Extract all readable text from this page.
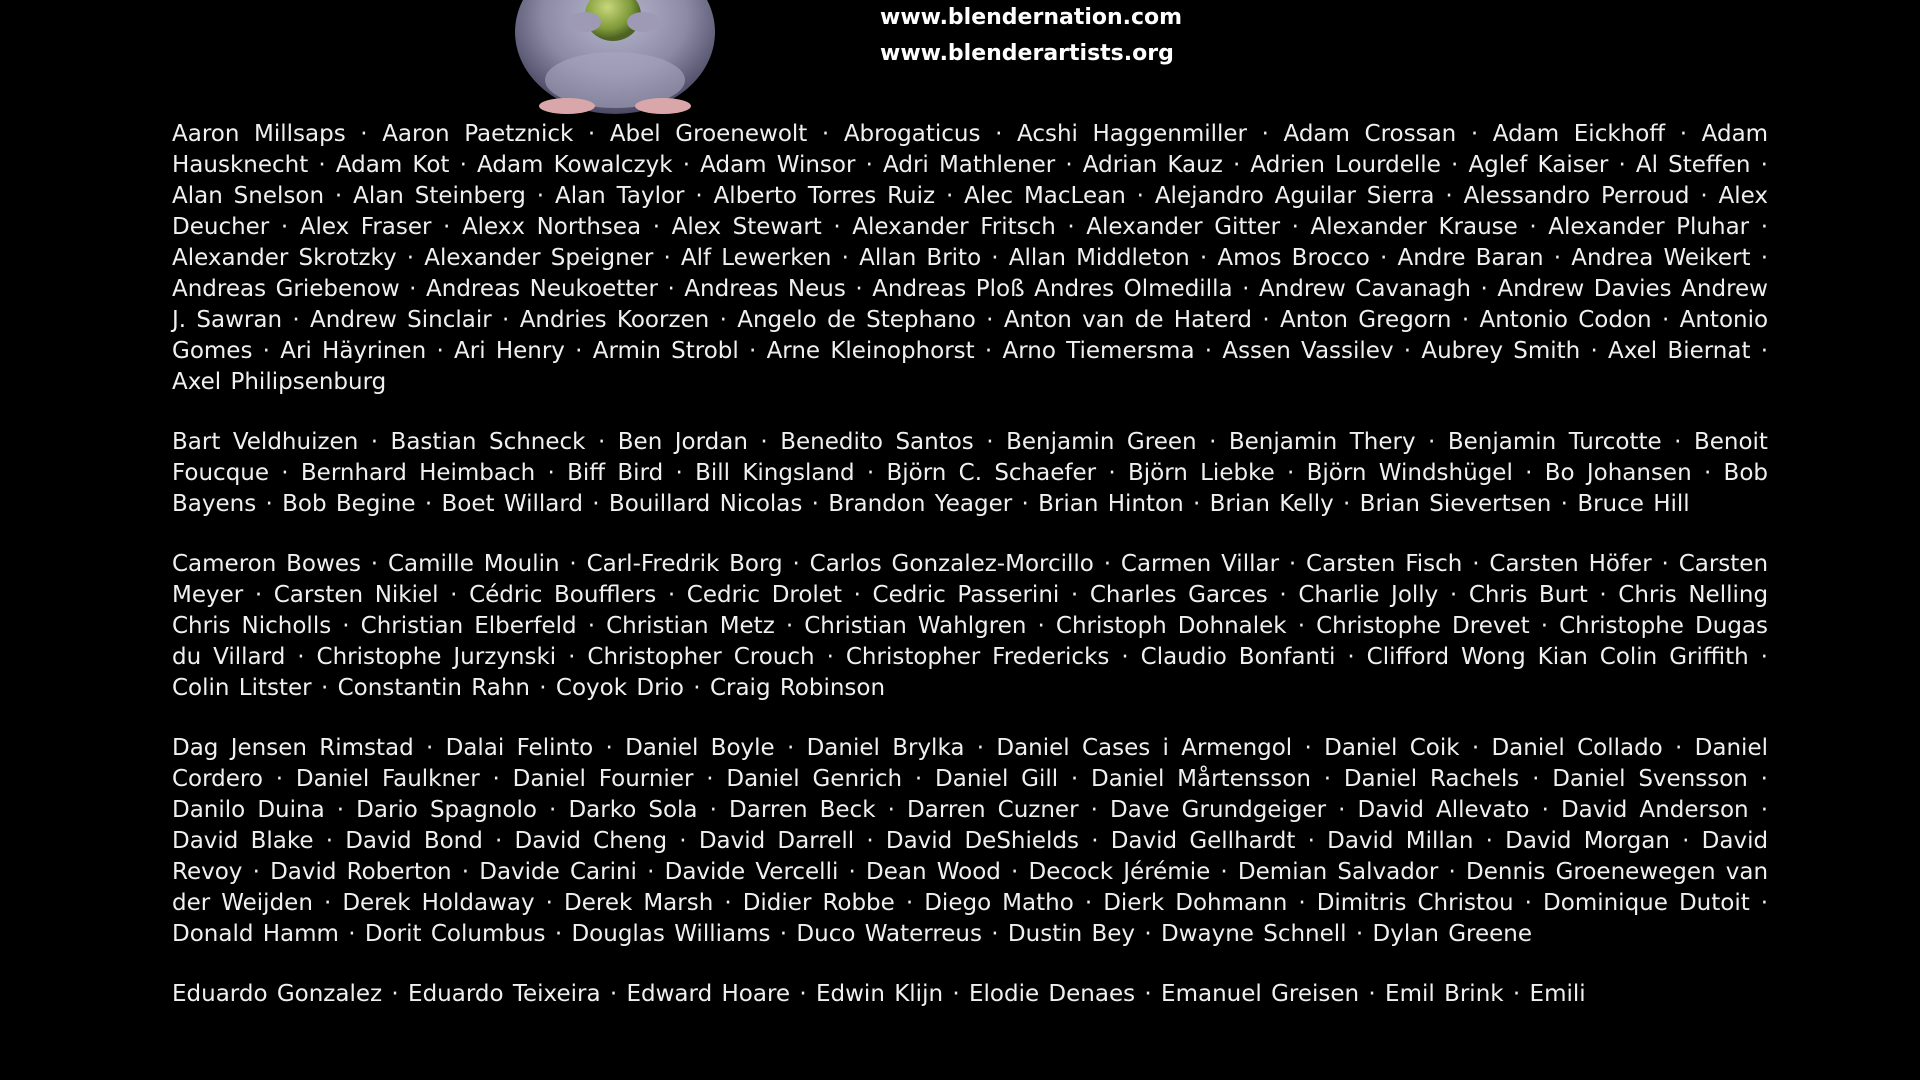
www.blendernation.com
www.blenderartists.org
Aaron Millsaps · Aaron Paetznick · Abel Groenewolt · Abrogaticus · Acshi Haggenmiller · Adam Crossan · Adam Eickhoff · Adam Hausknecht · Adam Kot · Adam Kowalczyk · Adam Winsor · Adri Mathlener · Adrian Kauz · Adrien Lourdelle · Aglef Kaiser · Al Steffen · Alan Snelson · Alan Steinberg · Alan Taylor · Alberto Torres Ruiz · Alec MacLean · Alejandro Aguilar Sierra · Alessandro Perroud · Alex Deucher · Alex Fraser · Alexx Northsea · Alex Stewart · Alexander Fritsch · Alexander Gitter · Alexander Krause · Alexander Pluhar · Alexander Skrotzky · Alexander Speigner · Alf Lewerken · Allan Brito · Allan Middleton · Amos Brocco · Andre Baran · Andrea Weikert · Andreas Griebenow · Andreas Neukoetter · Andreas Neus · Andreas Ploß Andres Olmedilla · Andrew Cavanagh · Andrew Davies Andrew J. Sawran · Andrew Sinclair · Andries Koorzen · Angelo de Stephano · Anton van de Haterd · Anton Gregorn · Antonio Codon · Antonio Gomes · Ari Häyrinen · Ari Henry · Armin Strobl · Arne Kleinophorst · Arno Tiemersma · Assen Vassilev · Aubrey Smith · Axel Biernat · Axel Philipsenburg
Bart Veldhuizen · Bastian Schneck · Ben Jordan · Benedito Santos · Benjamin Green · Benjamin Thery · Benjamin Turcotte · Benoit Foucque · Bernhard Heimbach · Biff Bird · Bill Kingsland · Björn C. Schaefer · Björn Liebke · Björn Windshügel · Bo Johansen · Bob Bayens · Bob Begine · Boet Willard · Bouillard Nicolas · Brandon Yeager · Brian Hinton · Brian Kelly · Brian Sievertsen · Bruce Hill
Cameron Bowes · Camille Moulin · Carl-Fredrik Borg · Carlos Gonzalez-Morcillo · Carmen Villar · Carsten Fisch · Carsten Höfer · Carsten Meyer · Carsten Nikiel · Cédric Boufflers · Cedric Drolet · Cedric Passerini · Charles Garces · Charlie Jolly · Chris Burt · Chris Nelling Chris Nicholls · Christian Elberfeld · Christian Metz · Christian Wahlgren · Christoph Dohnalek · Christophe Drevet · Christophe Dugas du Villard · Christophe Jurzynski · Christopher Crouch · Christopher Fredericks · Claudio Bonfanti · Clifford Wong Kian Colin Griffith · Colin Litster · Constantin Rahn · Coyok Drio · Craig Robinson
Dag Jensen Rimstad · Dalai Felinto · Daniel Boyle · Daniel Brylka · Daniel Cases i Armengol · Daniel Coik · Daniel Collado · Daniel Cordero · Daniel Faulkner · Daniel Fournier · Daniel Genrich · Daniel Gill · Daniel Mårtensson · Daniel Rachels · Daniel Svensson · Danilo Duina · Dario Spagnolo · Darko Sola · Darren Beck · Darren Cuzner · Dave Grundgeiger · David Allevato · David Anderson · David Blake · David Bond · David Cheng · David Darrell · David DeShields · David Gellhardt · David Millan · David Morgan · David Revoy · David Roberton · Davide Carini · Davide Vercelli · Dean Wood · Decock Jérémie · Demian Salvador · Dennis Groenewegen van der Weijden · Derek Holdaway · Derek Marsh · Didier Robbe · Diego Matho · Dierk Dohmann · Dimitris Christou · Dominique Dutoit · Donald Hamm · Dorit Columbus · Douglas Williams · Duco Waterreus · Dustin Bey · Dwayne Schnell · Dylan Greene
Eduardo Gonzalez · Eduardo Teixeira · Edward Hoare · Edwin Klijn · Elodie Denaes · Emanuel Greisen · Emil Brink · Emili
